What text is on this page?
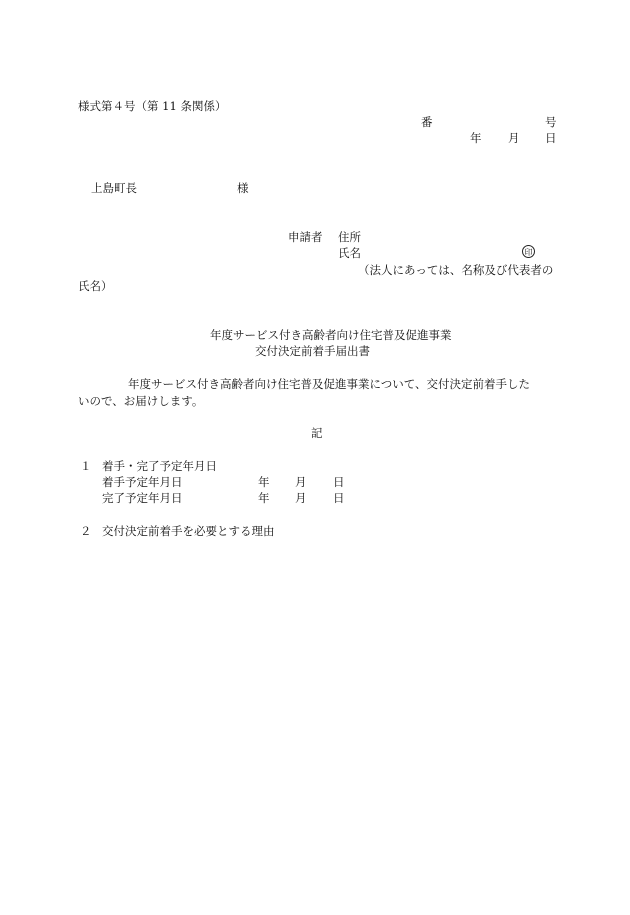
様式第４号（第 11 条関係）
番	号
年 月 日
上島町長	様
申請者 住所
氏名	印
（法人にあっては、名称及び代表者の
氏名）
年度サービス付き高齢者向け住宅普及促進事業
交付決定前着手届出書
年度サービス付き高齢者向け住宅普及促進事業について、交付決定前着手した
いので、お届けします。
記
１ 着手・完了予定年月日
着手予定年月日	年 月 日
完了予定年月日	年 月 日
２ 交付決定前着手を必要とする理由
